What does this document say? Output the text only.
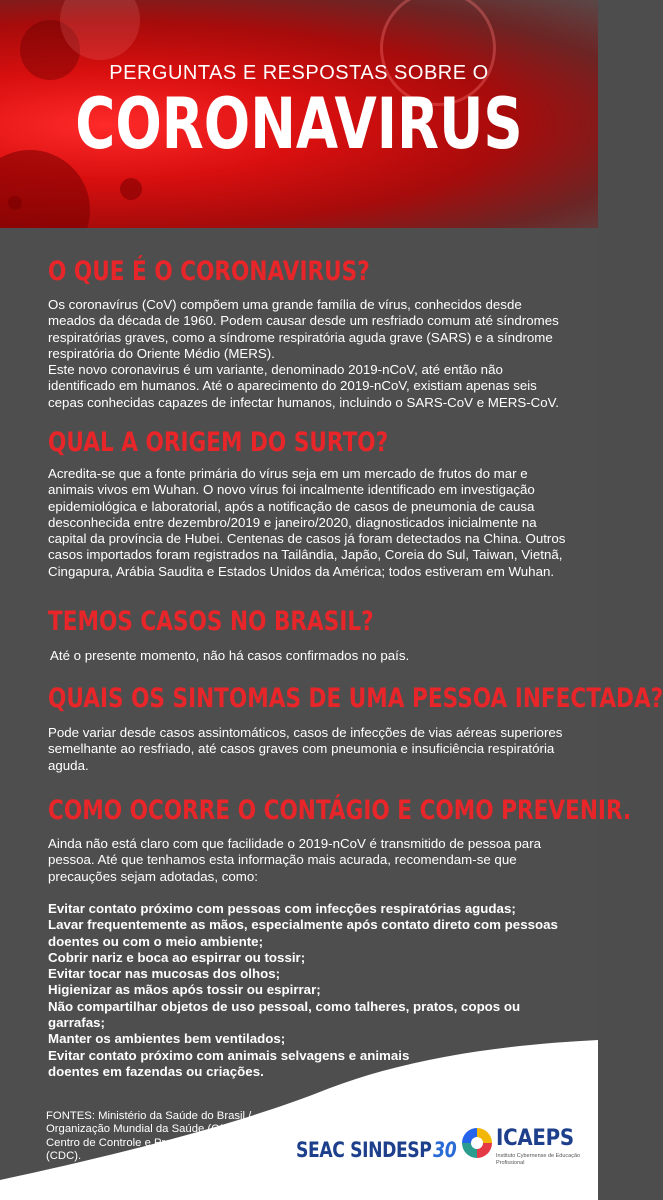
PERGUNTAS E RESPOSTAS SOBRE O
CORONAVIRUS
O QUE É O CORONAVIRUS?

Os coronavírus (CoV) compõem uma grande família de vírus, conhecidos desde meados da década de 1960. Podem causar desde um resfriado comum até síndromes respiratórias graves, como a síndrome respiratória aguda grave (SARS) e a síndrome respiratória do Oriente Médio (MERS).

Este novo coronavirus é um variante, denominado 2019-nCoV, até então não identificado em humanos. Até o aparecimento do 2019-nCoV, existiam apenas seis cepas conhecidas capazes de infectar humanos, incluindo o SARS-CoV e MERS-CoV.

QUAL A ORIGEM DO SURTO?

Acredita-se que a fonte primária do vírus seja em um mercado de frutos do mar e animais vivos em Wuhan. O novo vírus foi incalmente identificado em investigação epidemiológica e laboratorial, após a notificação de casos de pneumonia de causa desconhecida entre dezembro/2019 e janeiro/2020, diagnosticados inicialmente na capital da província de Hubei. Centenas de casos já foram detectados na China. Outros casos importados foram registrados na Tailândia, Japão, Coreia do Sul, Taiwan, Vietnã, Cingapura, Arábia Saudita e Estados Unidos da América; todos estiveram em Wuhan.

TEMOS CASOS NO BRASIL?

Até o presente momento, não há casos confirmados no país.

QUAIS OS SINTOMAS DE UMA PESSOA INFECTADA?

Pode variar desde casos assintomáticos, casos de infecções de vias aéreas superiores semelhante ao resfriado, até casos graves com pneumonia e insuficiência respiratória aguda.

COMO OCORRE O CONTÁGIO E COMO PREVENIR.

Ainda não está claro com que facilidade o 2019-nCoV é transmitido de pessoa para pessoa. Até que tenhamos esta informação mais acurada, recomendam-se que precauções sejam adotadas, como:

Evitar contato próximo com pessoas com infecções respiratórias agudas;
Lavar frequentemente as mãos, especialmente após contato direto com pessoas doentes ou com o meio ambiente;
Cobrir nariz e boca ao espirrar ou tossir;
Evitar tocar nas mucosas dos olhos;
Higienizar as mãos após tossir ou espirrar;
Não compartilhar objetos de uso pessoal, como talheres, pratos, copos ou garrafas;
Manter os ambientes bem ventilados;
Evitar contato próximo com animais selvagens e animais doentes em fazendas ou criações.
FONTES: Ministério da Saúde do Brasil / Organização Mundial da Saúde (OMS) / Centro de Controle e Prevenção de Doenças (CDC).	SEAC SINDESP 30 ICAEPS
Instituto Cybernense de Educação Profissional
